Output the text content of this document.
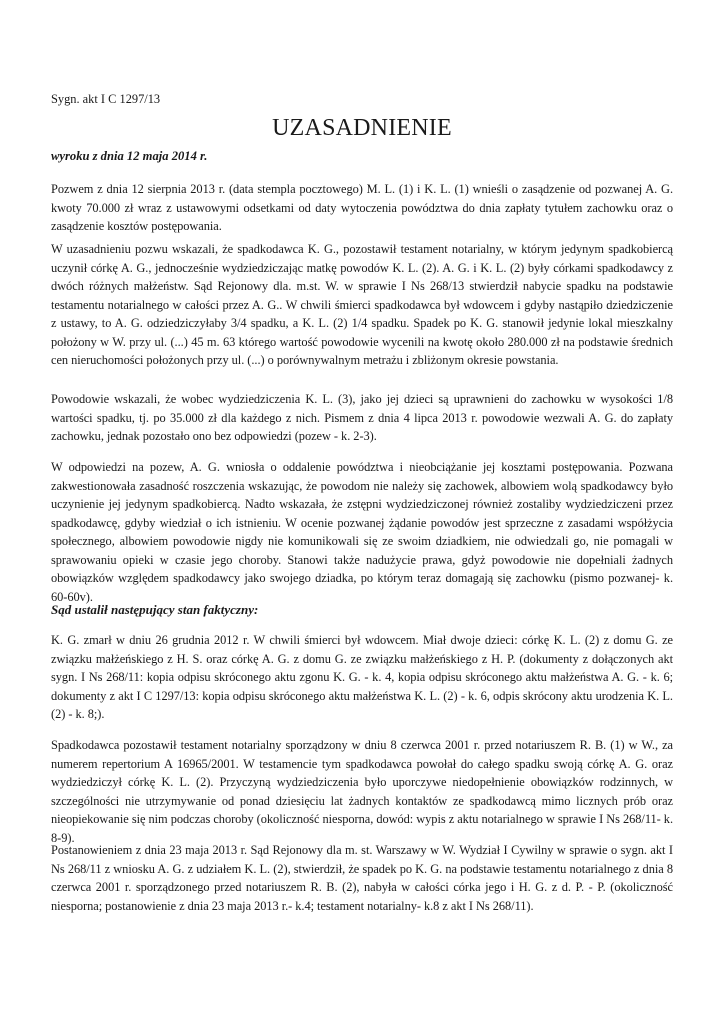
Sygn. akt I C 1297/13

UZASADNIENIE

wyroku z dnia 12 maja 2014 r.

Pozwem z dnia 12 sierpnia 2013 r. (data stempla pocztowego) M. L. (1) i K. L. (1) wnieśli o zasądzenie od pozwanej A. G. kwoty 70.000 zł wraz z ustawowymi odsetkami od daty wytoczenia powództwa do dnia zapłaty tytułem zachowku oraz o zasądzenie kosztów postępowania.

W uzasadnieniu pozwu wskazali, że spadkodawca K. G., pozostawił testament notarialny, w którym jedynym spadkobiercą uczynił córkę A. G., jednocześnie wydziedziczając matkę powodów K. L. (2). A. G. i K. L. (2) były córkami spadkodawcy z dwóch różnych małżeństw. Sąd Rejonowy dla. m.st. W. w sprawie I Ns 268/13 stwierdził nabycie spadku na podstawie testamentu notarialnego w całości przez A. G.. W chwili śmierci spadkodawca był wdowcem i gdyby nastąpiło dziedziczenie z ustawy, to A. G. odziedziczyłaby 3/4 spadku, a K. L. (2) 1/4 spadku. Spadek po K. G. stanowił jedynie lokal mieszkalny położony w W. przy ul. (...) 45 m. 63 którego wartość powodowie wycenili na kwotę około 280.000 zł na podstawie średnich cen nieruchomości położonych przy ul. (...) o porównywalnym metrażu i zbliżonym okresie powstania.

Powodowie wskazali, że wobec wydziedziczenia K. L. (3), jako jej dzieci są uprawnieni do zachowku w wysokości 1/8 wartości spadku, tj. po 35.000 zł dla każdego z nich. Pismem z dnia 4 lipca 2013 r. powodowie wezwali A. G. do zapłaty zachowku, jednak pozostało ono bez odpowiedzi (pozew - k. 2-3).

W odpowiedzi na pozew, A. G. wniosła o oddalenie powództwa i nieobciążanie jej kosztami postępowania. Pozwana zakwestionowała zasadność roszczenia wskazując, że powodom nie należy się zachowek, albowiem wolą spadkodawcy było uczynienie jej jedynym spadkobiercą. Nadto wskazała, że zstępni wydziedziczonej również zostaliby wydziedziczeni przez spadkodawcę, gdyby wiedział o ich istnieniu. W ocenie pozwanej żądanie powodów jest sprzeczne z zasadami współżycia społecznego, albowiem powodowie nigdy nie komunikowali się ze swoim dziadkiem, nie odwiedzali go, nie pomagali w sprawowaniu opieki w czasie jego choroby. Stanowi także nadużycie prawa, gdyż powodowie nie dopełniali żadnych obowiązków względem spadkodawcy jako swojego dziadka, po którym teraz domagają się zachowku (pismo pozwanej- k. 60-60v).

Sąd ustalił następujący stan faktyczny:

K. G. zmarł w dniu 26 grudnia 2012 r. W chwili śmierci był wdowcem. Miał dwoje dzieci: córkę K. L. (2) z domu G. ze związku małżeńskiego z H. S. oraz córkę A. G. z domu G. ze związku małżeńskiego z H. P. (dokumenty z dołączonych akt sygn. I Ns 268/11: kopia odpisu skróconego aktu zgonu K. G. - k. 4, kopia odpisu skróconego aktu małżeństwa A. G. - k. 6; dokumenty z akt I C 1297/13: kopia odpisu skróconego aktu małżeństwa K. L. (2) - k. 6, odpis skrócony aktu urodzenia K. L. (2) - k. 8;).

Spadkodawca pozostawił testament notarialny sporządzony w dniu 8 czerwca 2001 r. przed notariuszem R. B. (1) w W., za numerem repertorium A 16965/2001. W testamencie tym spadkodawca powołał do całego spadku swoją córkę A. G. oraz wydziedziczył córkę K. L. (2). Przyczyną wydziedziczenia było uporczywe niedopełnienie obowiązków rodzinnych, w szczególności nie utrzymywanie od ponad dziesięciu lat żadnych kontaktów ze spadkodawcą mimo licznych prób oraz nieopiekowanie się nim podczas choroby (okoliczność niesporna, dowód: wypis z aktu notarialnego w sprawie I Ns 268/11- k. 8-9).

Postanowieniem z dnia 23 maja 2013 r. Sąd Rejonowy dla m. st. Warszawy w W. Wydział I Cywilny w sprawie o sygn. akt I Ns 268/11 z wniosku A. G. z udziałem K. L. (2), stwierdził, że spadek po K. G. na podstawie testamentu notarialnego z dnia 8 czerwca 2001 r. sporządzonego przed notariuszem R. B. (2), nabyła w całości córka jego i H. G. z d. P. - P. (okoliczność niesporna; postanowienie z dnia 23 maja 2013 r.- k.4; testament notarialny- k.8 z akt I Ns 268/11).
